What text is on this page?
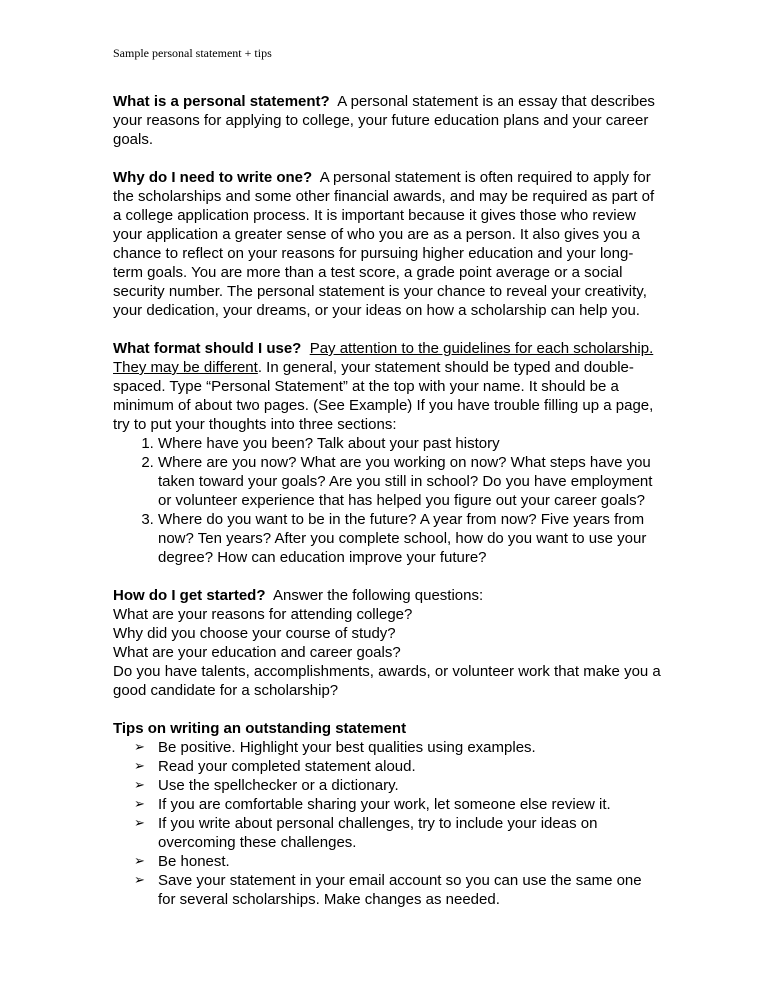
Sample personal statement + tips

What is a personal statement? A personal statement is an essay that describes your reasons for applying to college, your future education plans and your career goals.

Why do I need to write one? A personal statement is often required to apply for the scholarships and some other financial awards, and may be required as part of a college application process. It is important because it gives those who review your application a greater sense of who you are as a person. It also gives you a chance to reflect on your reasons for pursuing higher education and your long-term goals. You are more than a test score, a grade point average or a social security number. The personal statement is your chance to reveal your creativity, your dedication, your dreams, or your ideas on how a scholarship can help you.

What format should I use? Pay attention to the guidelines for each scholarship. They may be different. In general, your statement should be typed and double-spaced. Type “Personal Statement” at the top with your name. It should be a minimum of about two pages. (See Example) If you have trouble filling up a page, try to put your thoughts into three sections:
1. Where have you been? Talk about your past history
2. Where are you now? What are you working on now? What steps have you taken toward your goals? Are you still in school? Do you have employment or volunteer experience that has helped you figure out your career goals?
3. Where do you want to be in the future? A year from now? Five years from now? Ten years? After you complete school, how do you want to use your degree? How can education improve your future?
How do I get started? Answer the following questions:
What are your reasons for attending college?
Why did you choose your course of study?
What are your education and career goals?
Do you have talents, accomplishments, awards, or volunteer work that make you a good candidate for a scholarship?
Tips on writing an outstanding statement
➢ Be positive. Highlight your best qualities using examples.
➢ Read your completed statement aloud.
➢ Use the spellchecker or a dictionary.
➢ If you are comfortable sharing your work, let someone else review it.
➢ If you write about personal challenges, try to include your ideas on overcoming these challenges.
➢ Be honest.
➢ Save your statement in your email account so you can use the same one for several scholarships. Make changes as needed.
